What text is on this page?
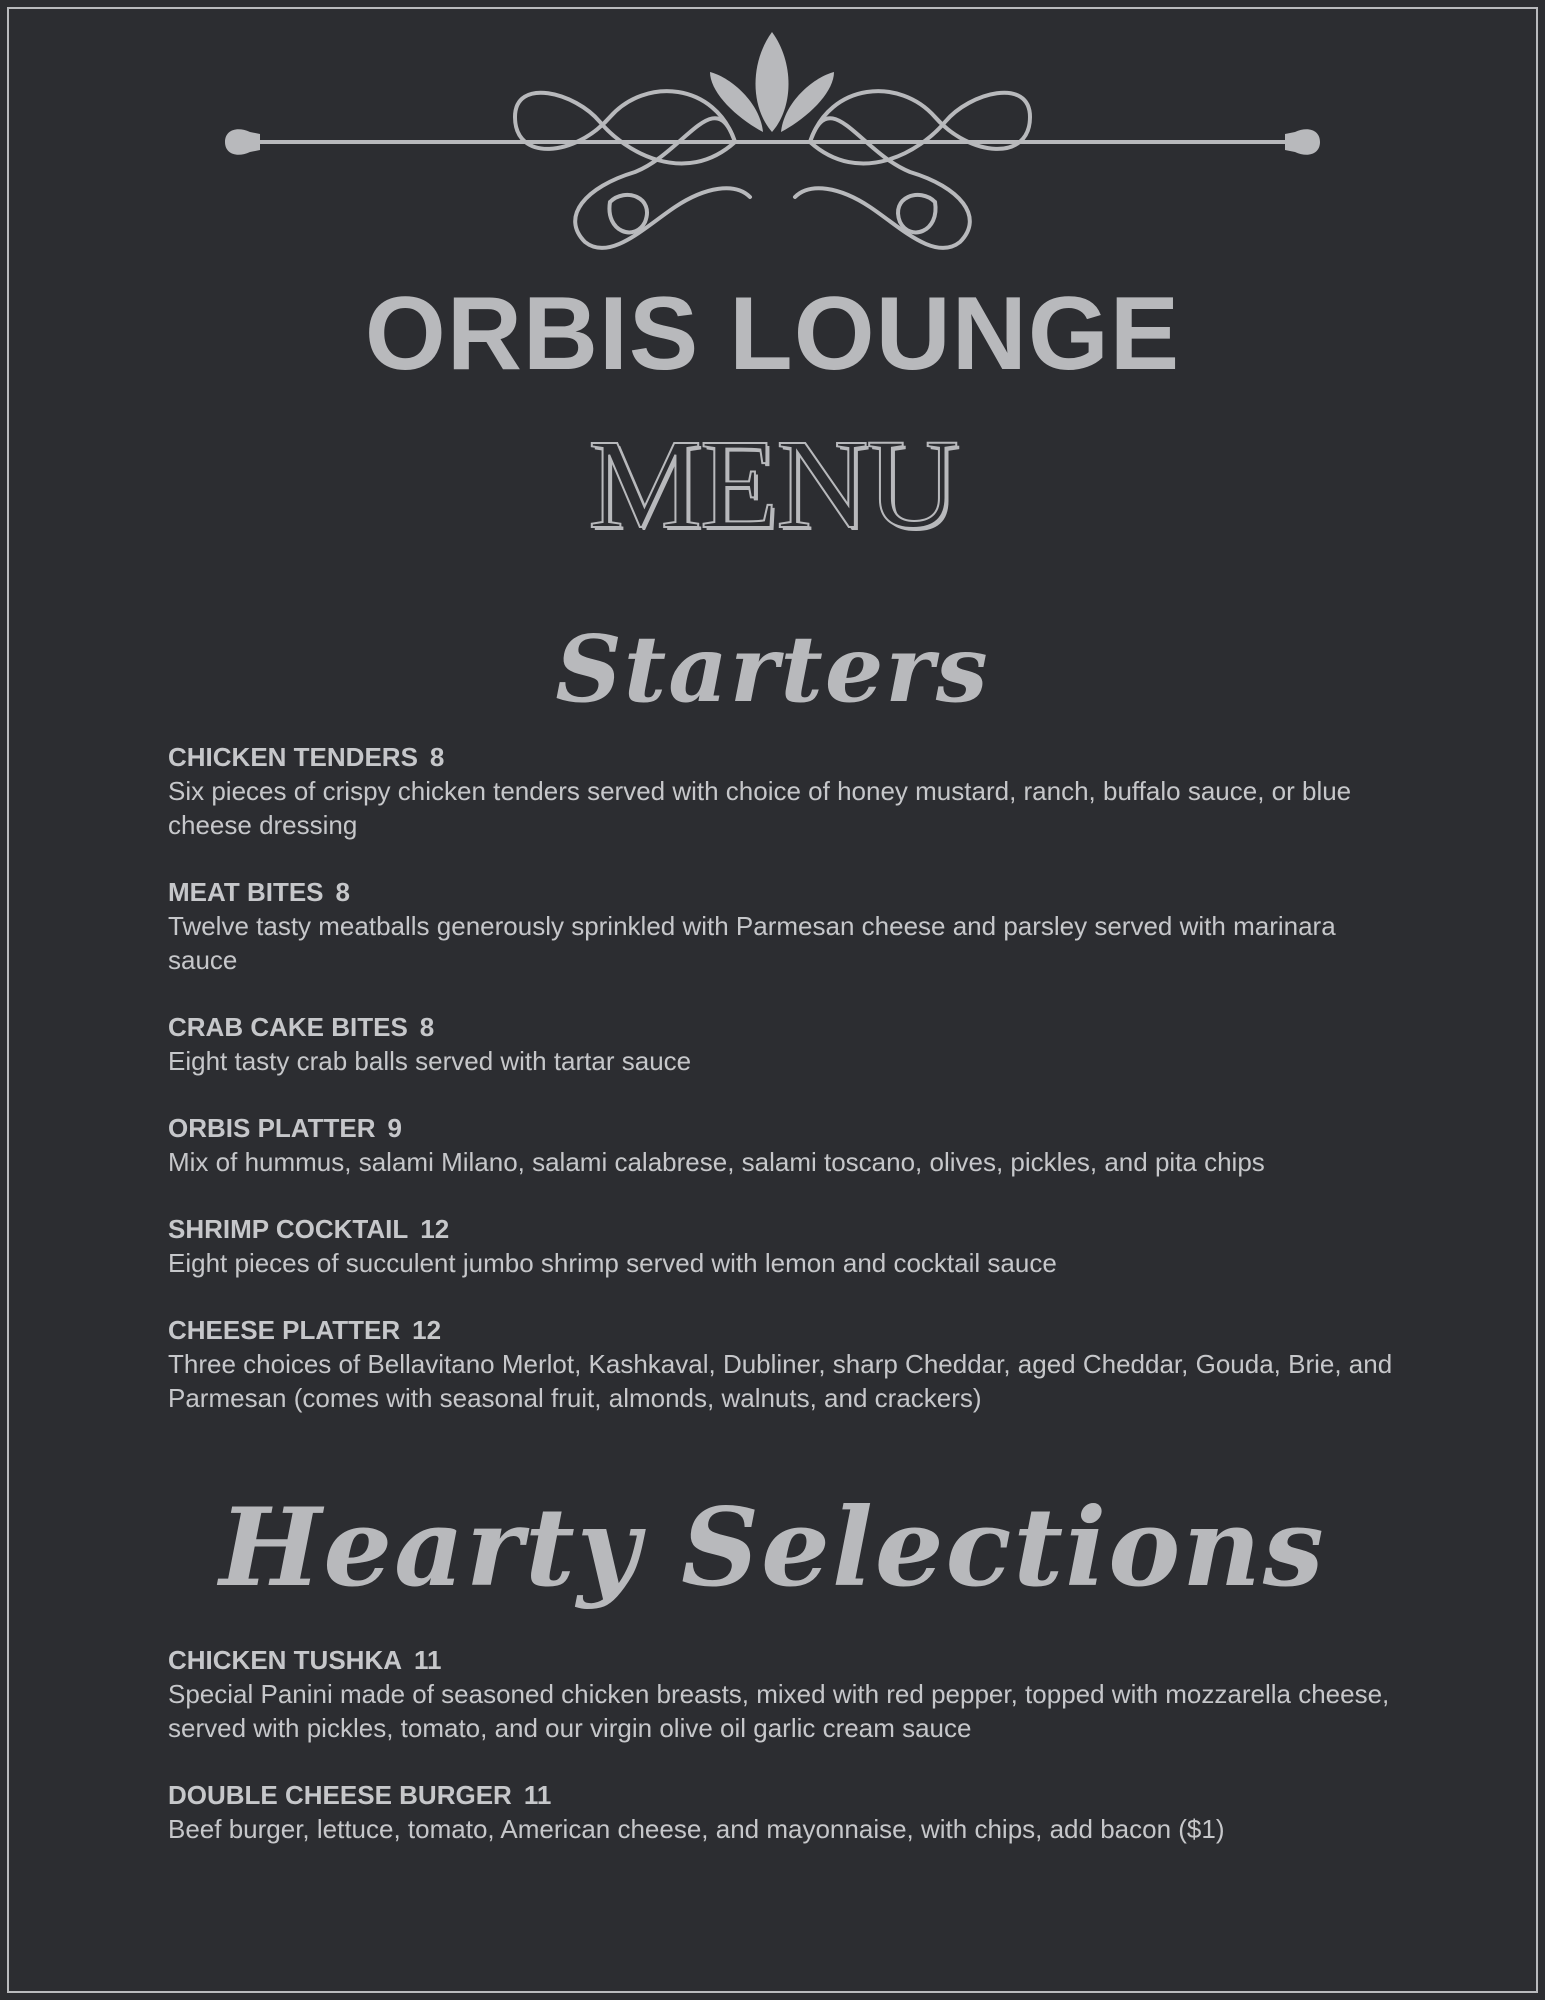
ORBIS LOUNGE
MENU
Starters
CHICKEN TENDERS 8
Six pieces of crispy chicken tenders served with choice of honey mustard, ranch, buffalo sauce, or blue cheese dressing
MEAT BITES 8
Twelve tasty meatballs generously sprinkled with Parmesan cheese and parsley served with marinara sauce
CRAB CAKE BITES 8
Eight tasty crab balls served with tartar sauce
ORBIS PLATTER 9
Mix of hummus, salami Milano, salami calabrese, salami toscano, olives, pickles, and pita chips
SHRIMP COCKTAIL 12
Eight pieces of succulent jumbo shrimp served with lemon and cocktail sauce
CHEESE PLATTER 12
Three choices of Bellavitano Merlot, Kashkaval, Dubliner, sharp Cheddar, aged Cheddar, Gouda, Brie, and Parmesan (comes with seasonal fruit, almonds, walnuts, and crackers)
Hearty Selections
CHICKEN TUSHKA 11
Special Panini made of seasoned chicken breasts, mixed with red pepper, topped with mozzarella cheese, served with pickles, tomato, and our virgin olive oil garlic cream sauce
DOUBLE CHEESE BURGER 11
Beef burger, lettuce, tomato, American cheese, and mayonnaise, with chips, add bacon ($1)
